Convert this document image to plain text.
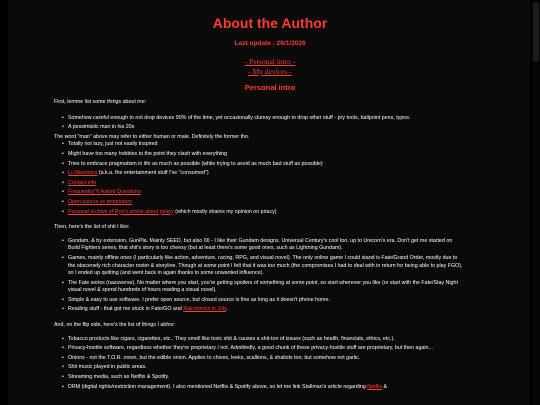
About the Author
Last update : 26/1/2026
- Personal intro -
- My devices -
Personal intro

First, lemme list some things about me:

• Somehow careful enough to not drop devices 90% of the time, yet occasionally clumsy enough to drop other stuff - pry tools, ballpoint pens, typos.
• A pessimistic man in his 20s

The word "man" above may refer to either human or male. Definitely the former tho.

• Totally not lazy, just not easily inspired
• Might have too many hobbies to the point they clash with everything
• Tries to embrace pragmatism in life as much as possible (while trying to avoid as much bad stuff as possible)
• Lu Weebtica (a.k.a. the entertainment stuff I've "consumed")
• Contact info
• Frequently(?) Asked Questions
• Open source vs proprietary
• Personal archive of Ryo's article about piracy (which mostly shares my opinion on piracy)

Then, here's the list of shit I like:

• Gundam, & by extension, GunPla. Mainly SEED, but also 00 - I like their Gundam designs. Universal Century's cool too, up to Unicorn's era. Don't get me started on Build Fighters series, that shit's story is too cheesy (but at least there's some good ones, such as Lightning Gundam).
• Games, mainly offline ones (I particularly like action, adventure, racing, RPG, and visual novel). The only online game I could stand is Fate/Grand Order, mostly due to the obscenely rich character roster & storyline. Though at some point I felt that it was too much (the compromises I had to deal with in return for being able to play FGO), so I ended up quitting (and went back in again thanks to some unwanted influence).
• The Fate series (nasuverse). No matter where you start, you're getting spoilers of something at some point, so start wherever you like (or start with the Fate/Stay Night visual novel & spend hundreds of hours reading a visual novel).
• Simple & easy to use software. I prefer open source, but closed source is fine as long as it doesn't phone home.
• Reading stuff - that got me stuck in Fate/GO and Rainstorms in July.

And, on the flip side, here's the list of things I abhor:

• Tobacco products like cigars, cigarettes, etc.. They smell like toxic shit & causes a shit-ton of issues (such as health, financials, ethics, etc.).
• Privacy-hostile software, regardless whether they're proprietary / not. Admittedly, a good chunk of these privacy-hostile stuff are proprietary, but then again...
• Onions - not the T.O.R. onion, but the edible onion. Applies to chives, leeks, scallions, & shallots too; but somehow not garlic.
• Shit music played in public areas.
• Streaming media, such as Netflix & Spotify.
• DRM (digital rights/restriction management). I also mentioned Netflix & Spotify above, so let me link Stallman's article regarding Netflix &
